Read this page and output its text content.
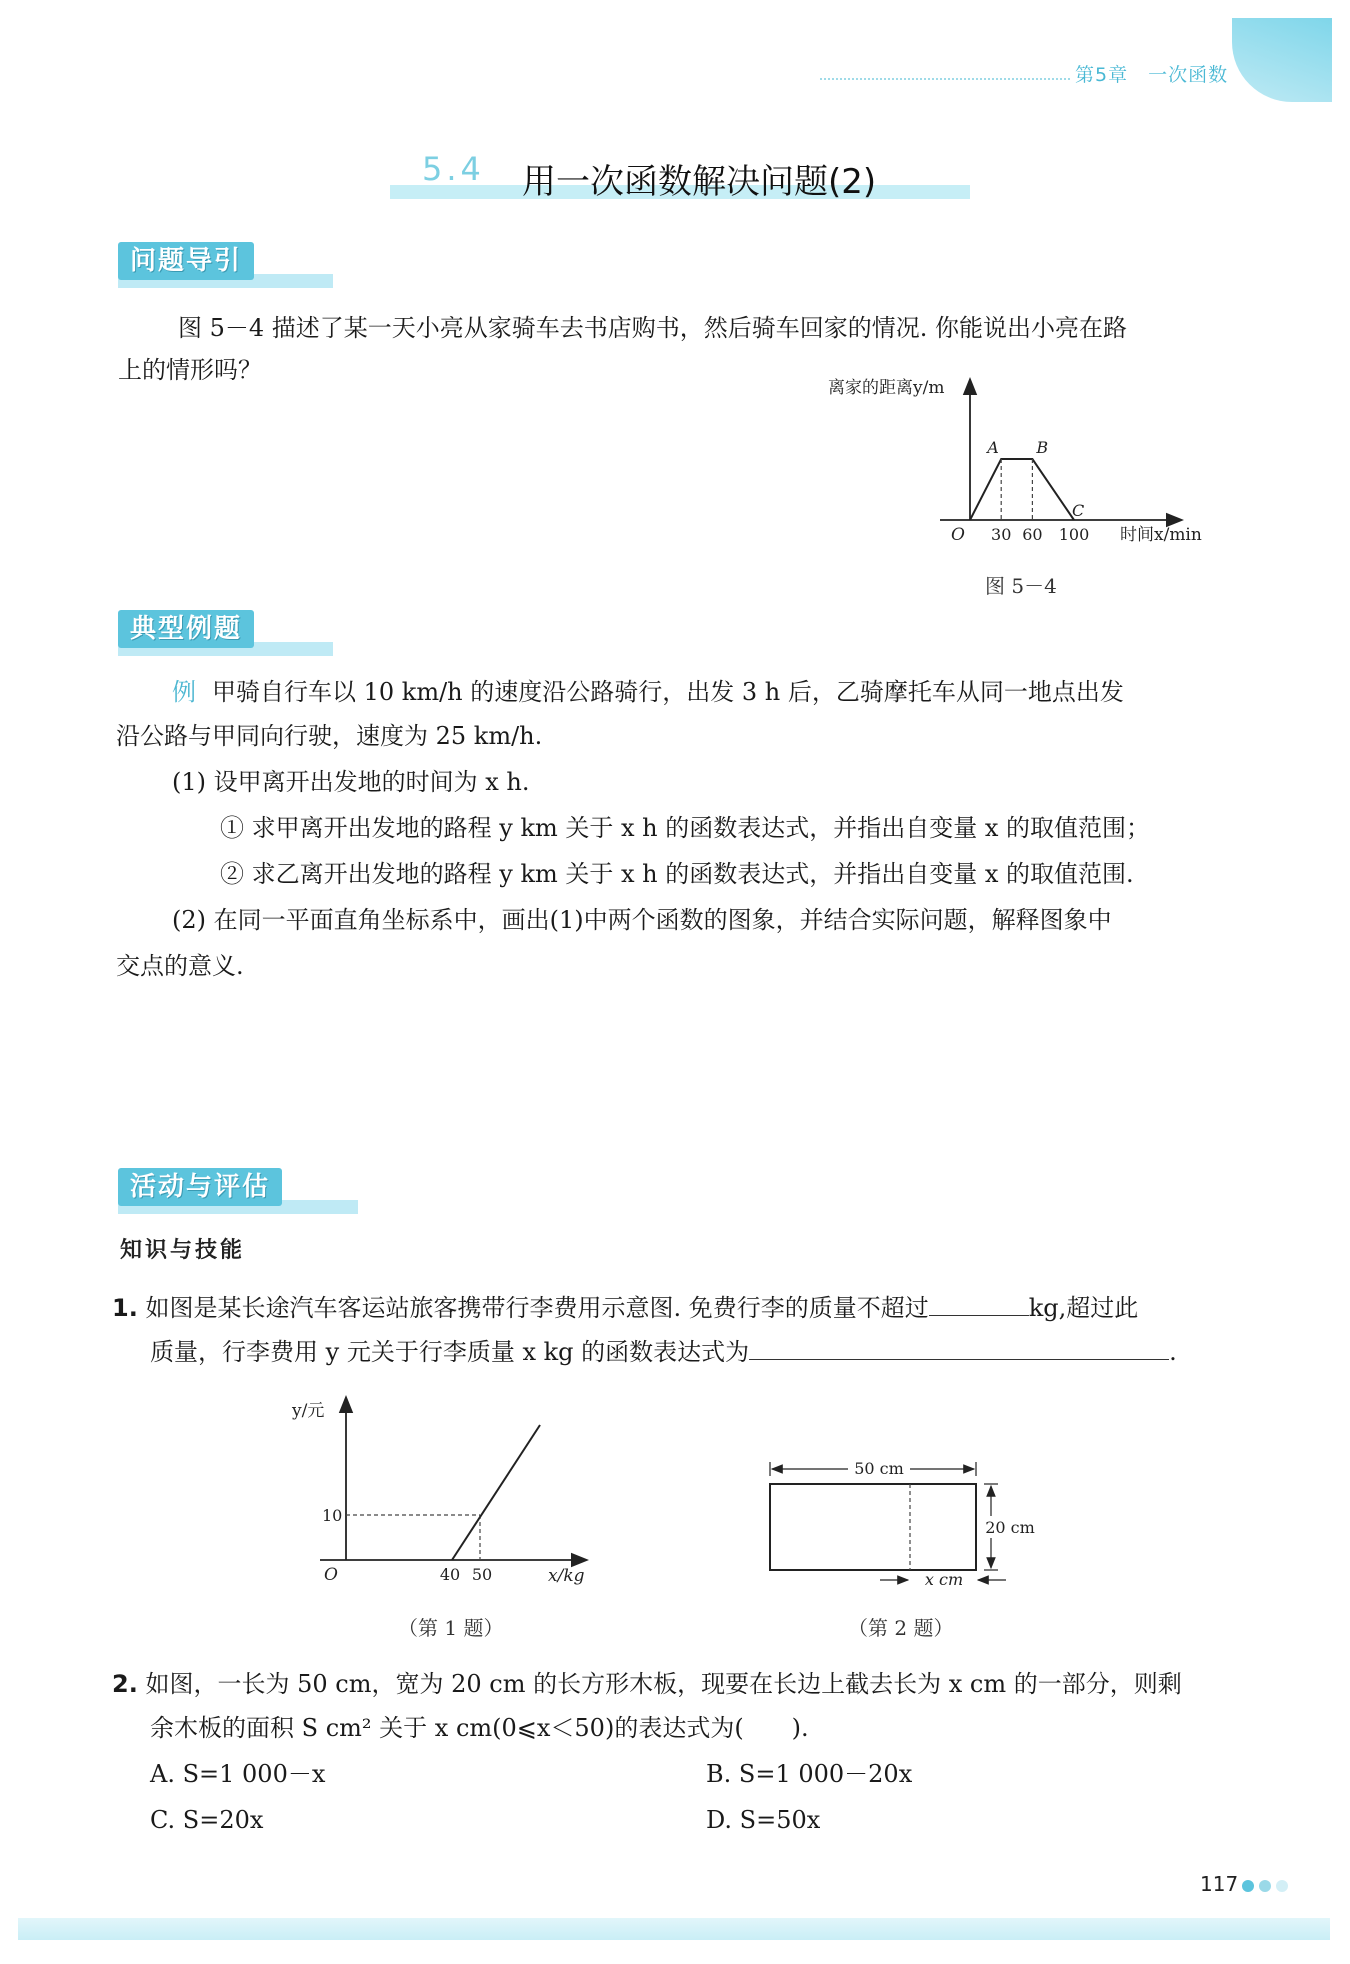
第5章　一次函数
5.4 用一次函数解决问题(2)
问题导引
图 5－4 描述了某一天小亮从家骑车去书店购书，然后骑车回家的情况. 你能说出小亮在路
上的情形吗？
离家的距离y/m
O
A B
C
30 60 100 时间x/min
图 5－4
典型例题
例 甲骑自行车以 10 km/h 的速度沿公路骑行，出发 3 h 后，乙骑摩托车从同一地点出发
沿公路与甲同向行驶，速度为 25 km/h.
(1) 设甲离开出发地的时间为 x h.
① 求甲离开出发地的路程 y km 关于 x h 的函数表达式，并指出自变量 x 的取值范围；
② 求乙离开出发地的路程 y km 关于 x h 的函数表达式，并指出自变量 x 的取值范围.
(2) 在同一平面直角坐标系中，画出(1)中两个函数的图象，并结合实际问题，解释图象中
交点的意义.
活动与评估
知识与技能
1. 如图是某长途汽车客运站旅客携带行李费用示意图. 免费行李的质量不超过	kg,超过此
质量，行李费用 y 元关于行李质量 x kg 的函数表达式为	.
y/元
O
10
40 50	x/kg
（第 1 题）
50 cm
20 cm
x cm
（第 2 题）
2. 如图，一长为 50 cm，宽为 20 cm 的长方形木板，现要在长边上截去长为 x cm 的一部分，则剩
余木板的面积 S cm² 关于 x cm(0⩽x＜50)的表达式为(　　).
A. S=1 000－x	B. S=1 000－20x
C. S=20x	D. S=50x
117
